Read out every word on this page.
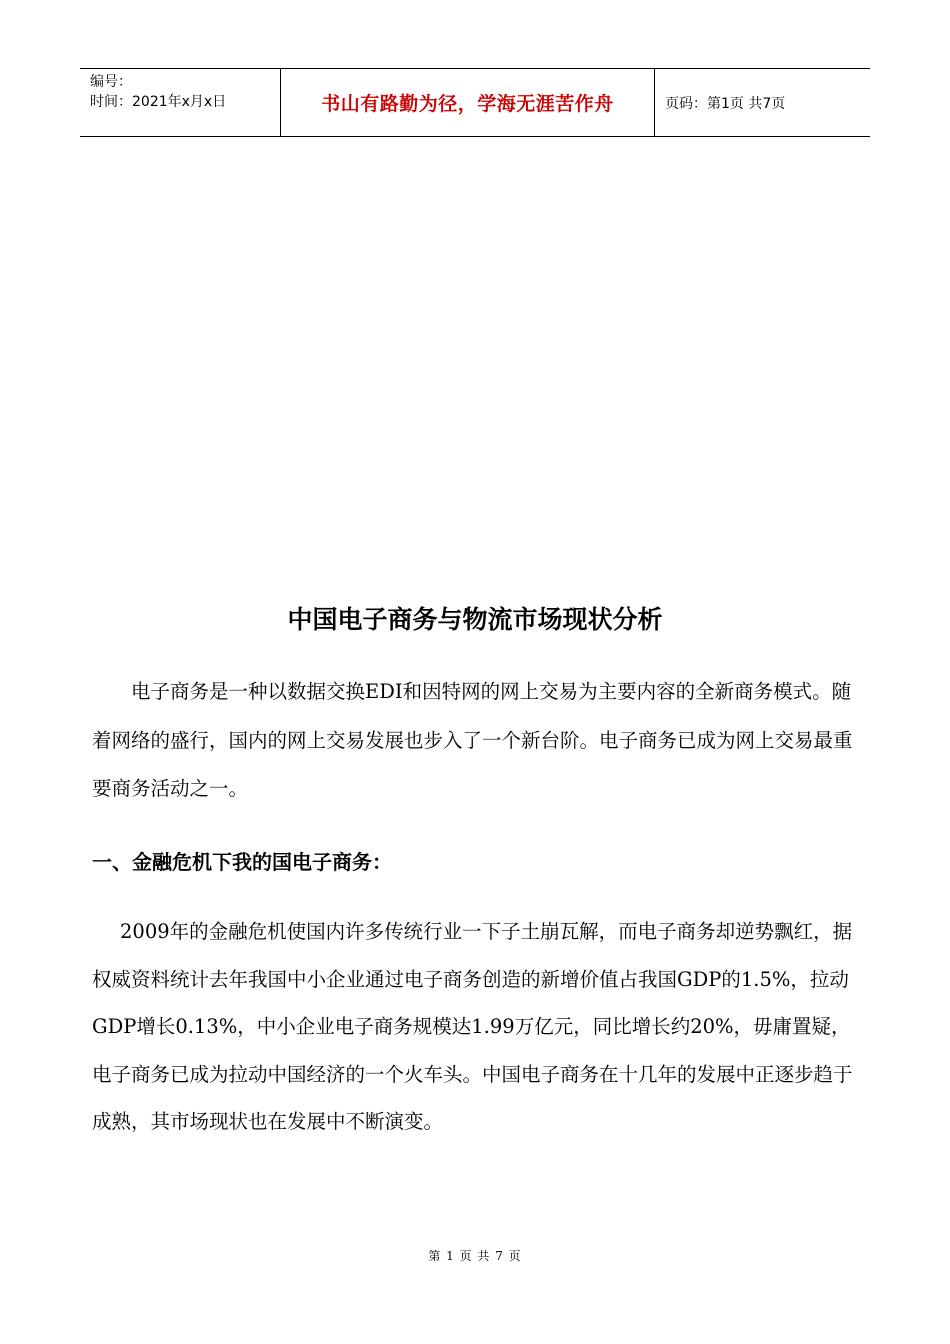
编号：
时间：2021年x月x日	书山有路勤为径，学海无涯苦作舟	页码：第1页 共7页
中国电子商务与物流市场现状分析

电子商务是一种以数据交换EDI和因特网的网上交易为主要内容的全新商务模式。随着网络的盛行，国内的网上交易发展也步入了一个新台阶。电子商务已成为网上交易最重要商务活动之一。

一、金融危机下我的国电子商务：

2009年的金融危机使国内许多传统行业一下子土崩瓦解，而电子商务却逆势飘红，据权威资料统计去年我国中小企业通过电子商务创造的新增价值占我国GDP的1.5%，拉动GDP增长0.13%，中小企业电子商务规模达1.99万亿元，同比增长约20%，毋庸置疑，电子商务已成为拉动中国经济的一个火车头。中国电子商务在十几年的发展中正逐步趋于成熟，其市场现状也在发展中不断演变。

第 1 页 共 7 页
